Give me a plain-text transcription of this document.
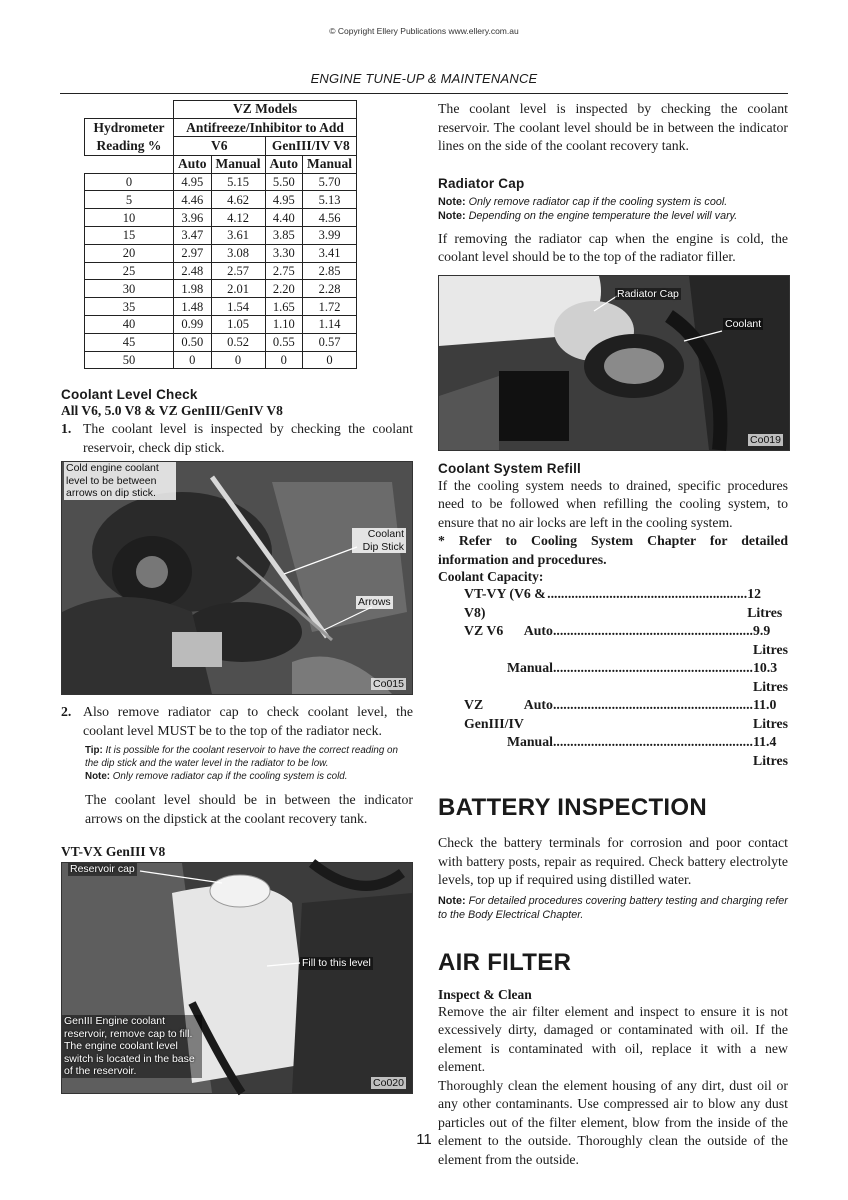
© Copyright Ellery Publications www.ellery.com.au
ENGINE TUNE-UP & MAINTENANCE
	VZ Models			
Hydrometer Reading %	Antifreeze/Inhibitor to Add			
	V6		GenIII/IV V8	
	Auto	Manual	Auto	Manual
0	4.95	5.15	5.50	5.70
5	4.46	4.62	4.95	5.13
10	3.96	4.12	4.40	4.56
15	3.47	3.61	3.85	3.99
20	2.97	3.08	3.30	3.41
25	2.48	2.57	2.75	2.85
30	1.98	2.01	2.20	2.28
35	1.48	1.54	1.65	1.72
40	0.99	1.05	1.10	1.14
45	0.50	0.52	0.55	0.57
50	0	0	0	0
Coolant Level Check
All V6, 5.0 V8 & VZ GenIII/GenIV V8
1. The coolant level is inspected by checking the coolant reservoir, check dip stick.
Cold engine coolant level to be between arrows on dip stick.
Coolant Dip Stick
Arrows
Co015
2. Also remove radiator cap to check coolant level, the coolant level MUST be to the top of the radiator neck.

Tip: It is possible for the coolant reservoir to have the correct reading on the dip stick and the water level in the radiator to be low.

Note: Only remove radiator cap if the cooling system is cold.

The coolant level should be in between the indicator arrows on the dipstick at the coolant recovery tank.

VT-VX GenIII V8
Reservoir cap
Fill to this level
GenIII Engine coolant reservoir, remove cap to fill. The engine coolant level switch is located in the base of the reservoir.
Co020

The coolant level is inspected by checking the coolant reservoir. The coolant level should be in between the indicator lines on the side of the coolant recovery tank.

Radiator Cap

Note: Only remove radiator cap if the cooling system is cool.

Note: Depending on the engine temperature the level will vary.

If removing the radiator cap when the engine is cold, the coolant level should be to the top of the radiator filler.

Radiator Cap
Coolant
Co019
Coolant System Refill

If the cooling system needs to drained, specific procedures need to be followed when refilling the cooling system, to ensure that no air locks are left in the cooling system.

* Refer to Cooling System Chapter for detailed information and procedures.

Coolant Capacity:
VT-VY (V6 & V8)
.......................................................... 12 Litres
VZ V6	Auto .......................................................... 9.9 Litres
Manual .......................................................... 10.3 Litres
VZ GenIII/IV
Auto .......................................................... 11.0 Litres
Manual .......................................................... 11.4 Litres
BATTERY INSPECTION

Check the battery terminals for corrosion and poor contact with battery posts, repair as required. Check battery electrolyte levels, top up if required using distilled water.

Note: For detailed procedures covering battery testing and charging refer to the Body Electrical Chapter.

AIR FILTER
Inspect & Clean

Remove the air filter element and inspect to ensure it is not excessively dirty, damaged or contaminated with oil. If the element is contaminated with oil, replace it with a new element.

Thoroughly clean the element housing of any dirt, dust oil or any other contaminants. Use compressed air to blow any dust particles out of the filter element, blow from the inside of the element to the outside. Thoroughly clean the outside of the element from the outside.

11
